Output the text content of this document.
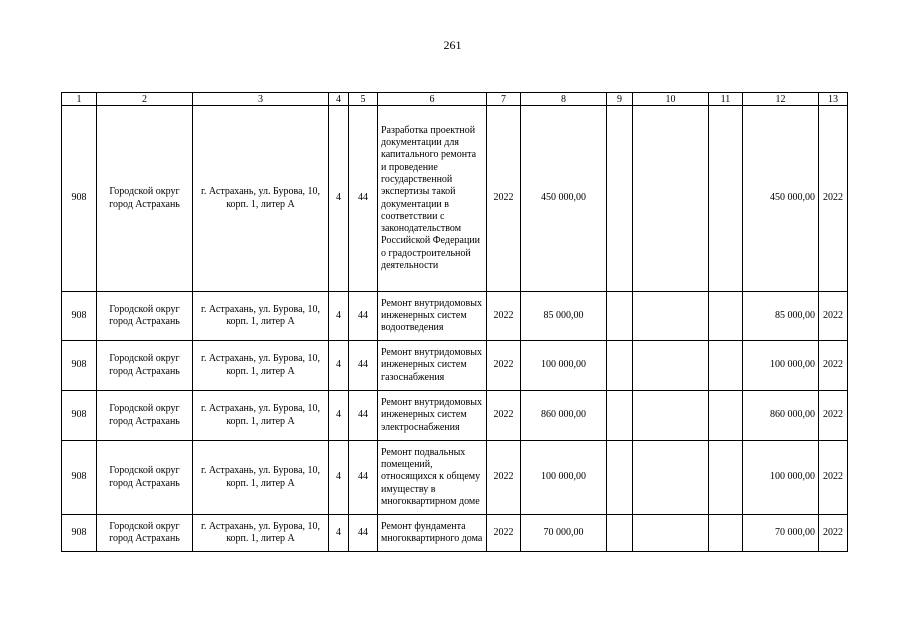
261
1	2	3	4	5	6	7	8	9	10	11	12	13
908	Городской округ город Астрахань	г. Астрахань, ул. Бурова, 10, корп. 1, литер А	4	44	Разработка проектной документации для капитального ремонта и проведение государственной экспертизы такой документации в соответствии с законодательством Российской Федерации о градостроительной деятельности	2022	450 000,00				450 000,00	2022
908	Городской округ город Астрахань	г. Астрахань, ул. Бурова, 10, корп. 1, литер А	4	44	Ремонт внутридомовых инженерных систем водоотведения	2022	85 000,00				85 000,00	2022
908	Городской округ город Астрахань	г. Астрахань, ул. Бурова, 10, корп. 1, литер А	4	44	Ремонт внутридомовых инженерных систем газоснабжения	2022	100 000,00				100 000,00	2022
908	Городской округ город Астрахань	г. Астрахань, ул. Бурова, 10, корп. 1, литер А	4	44	Ремонт внутридомовых инженерных систем электроснабжения	2022	860 000,00				860 000,00	2022
908	Городской округ город Астрахань	г. Астрахань, ул. Бурова, 10, корп. 1, литер А	4	44	Ремонт подвальных помещений, относящихся к общему имуществу в многоквартирном доме	2022	100 000,00				100 000,00	2022
908	Городской округ город Астрахань	г. Астрахань, ул. Бурова, 10, корп. 1, литер А	4	44	Ремонт фундамента многоквартирного дома	2022	70 000,00				70 000,00	2022
